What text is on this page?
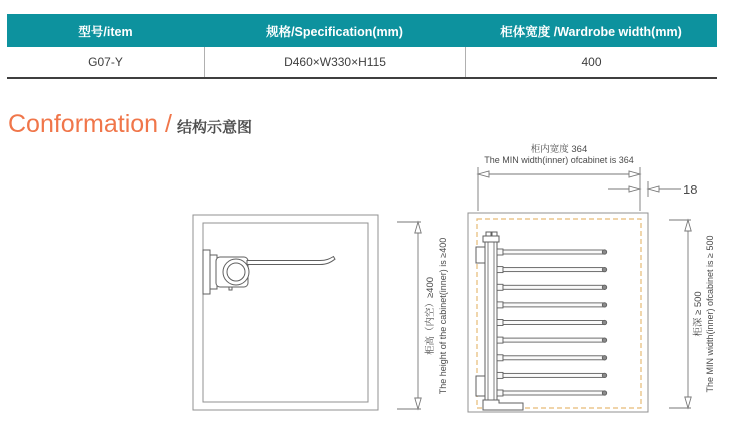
型号/item	规格/Specification(mm)	柜体宽度 /Wardrobe width(mm)
G07-Y	D460×W330×H115	400
Conformation / 结构示意图
柜高（内空）≥400 The height of the cabinet(inner) is ≥400
柜内宽度 364
The MIN width(inner) ofcabinet is 364
18
柜深 ≥ 500 The MIN width(inner) ofcabinet is ≥ 500
